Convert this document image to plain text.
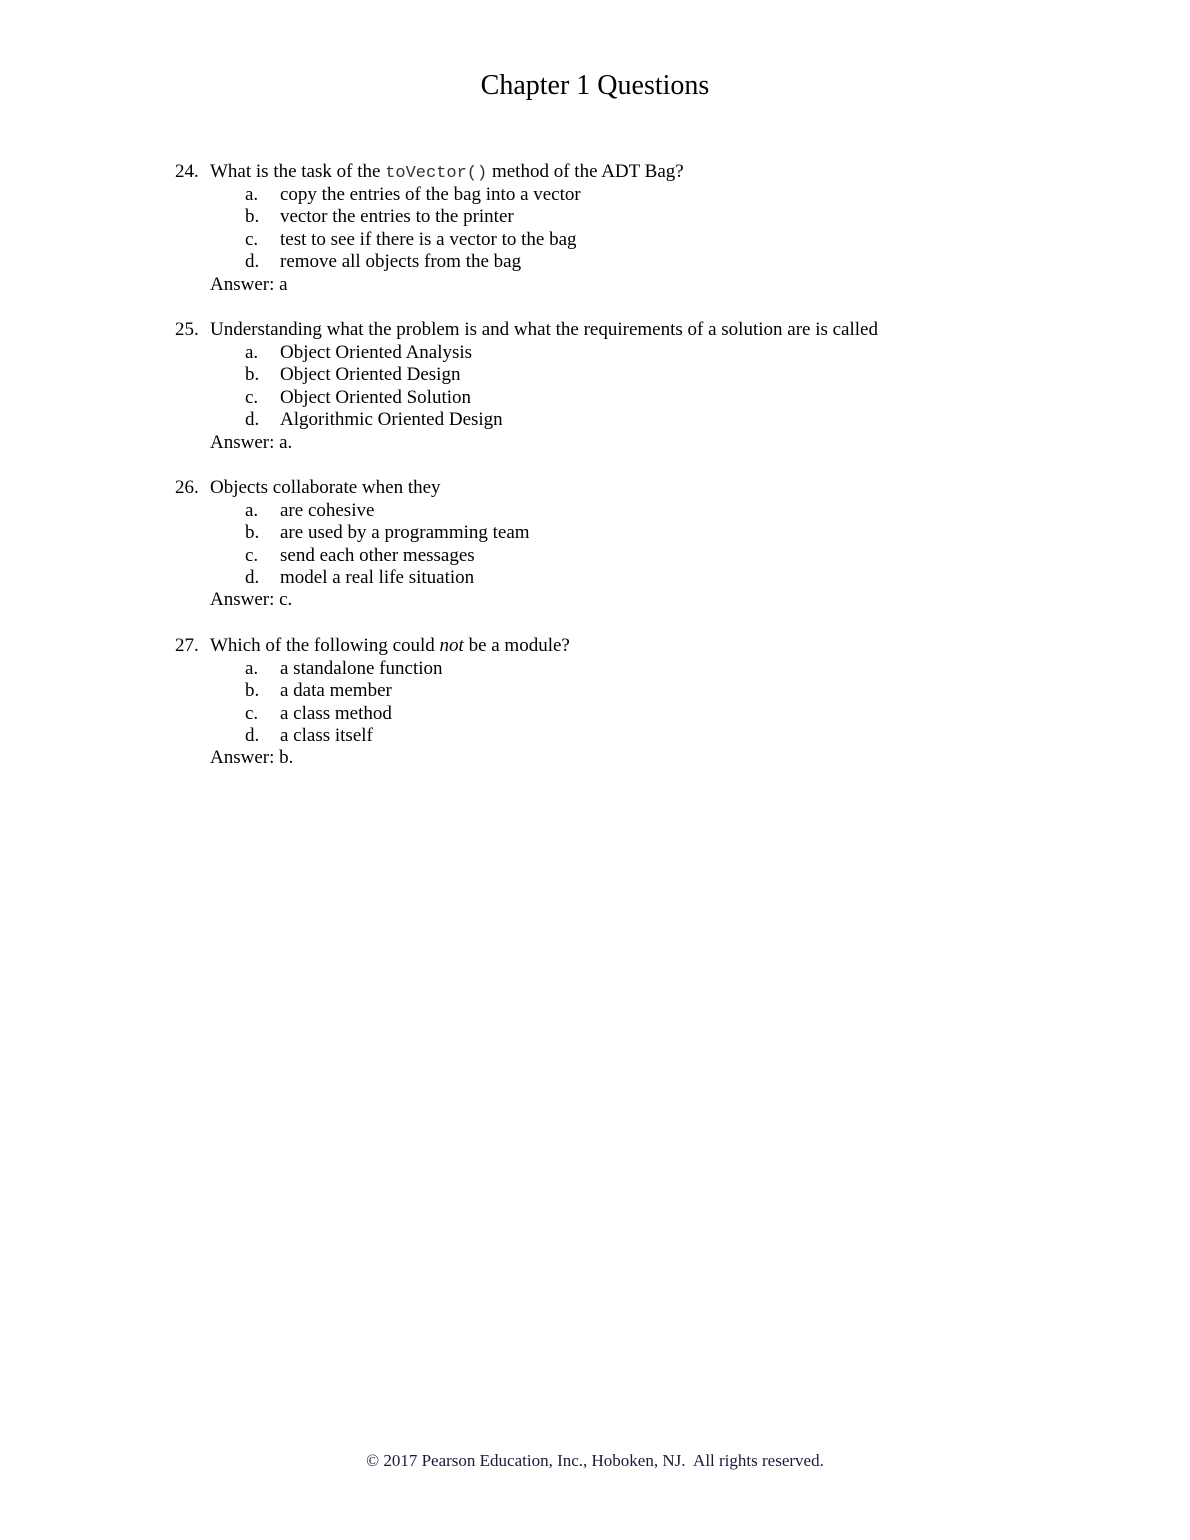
Chapter 1 Questions
24. What is the task of the toVector() method of the ADT Bag?
a. copy the entries of the bag into a vector
b. vector the entries to the printer
c. test to see if there is a vector to the bag
d. remove all objects from the bag
Answer: a
25. Understanding what the problem is and what the requirements of a solution are is called
a. Object Oriented Analysis
b. Object Oriented Design
c. Object Oriented Solution
d. Algorithmic Oriented Design
Answer: a.
26. Objects collaborate when they
a. are cohesive
b. are used by a programming team
c. send each other messages
d. model a real life situation
Answer: c.
27. Which of the following could not be a module?
a. a standalone function
b. a data member
c. a class method
d. a class itself
Answer: b.
© 2017 Pearson Education, Inc., Hoboken, NJ.  All rights reserved.
